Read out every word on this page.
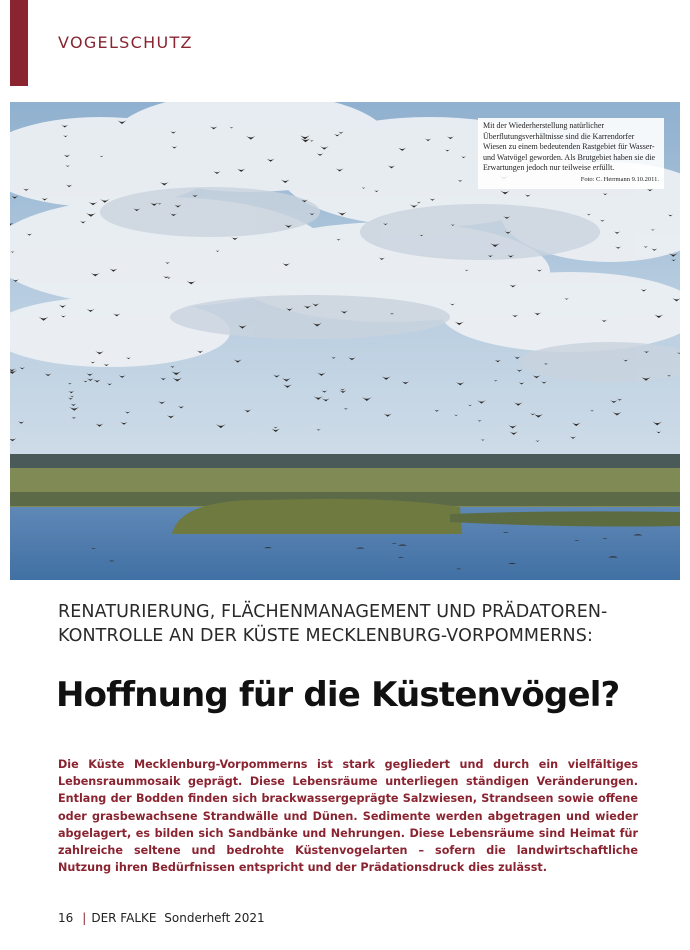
VOGELSCHUTZ
Mit der Wiederherstellung natürlicher Überflutungsverhältnisse sind die Karrendorfer Wiesen zu einem bedeutenden Rastgebiet für Wasser- und Watvögel geworden. Als Brutgebiet haben sie die Erwartungen jedoch nur teilweise erfüllt.
Foto: C. Herrmann 9.10.2011.
RENATURIERUNG, FLÄCHENMANAGEMENT UND PRÄDATOREN-
KONTROLLE AN DER KÜSTE MECKLENBURG-VORPOMMERNS:
Hoffnung für die Küstenvögel?
Die Küste Mecklenburg-Vorpommerns ist stark gegliedert und durch ein vielfältiges Lebensraummosaik geprägt. Diese Lebensräume unterliegen ständigen Veränderungen. Entlang der Bodden finden sich brackwassergeprägte Salzwiesen, Strandseen sowie offene oder grasbewachsene Strandwälle und Dünen. Sedimente werden abgetragen und wieder abgelagert, es bilden sich Sandbänke und Nehrungen. Diese Lebensräume sind Heimat für zahlreiche seltene und bedrohte Küstenvogelarten – sofern die landwirtschaftliche Nutzung ihren Bedürfnissen entspricht und der Prädationsdruck dies zulässt.
16 | DER FALKE Sonderheft 2021
